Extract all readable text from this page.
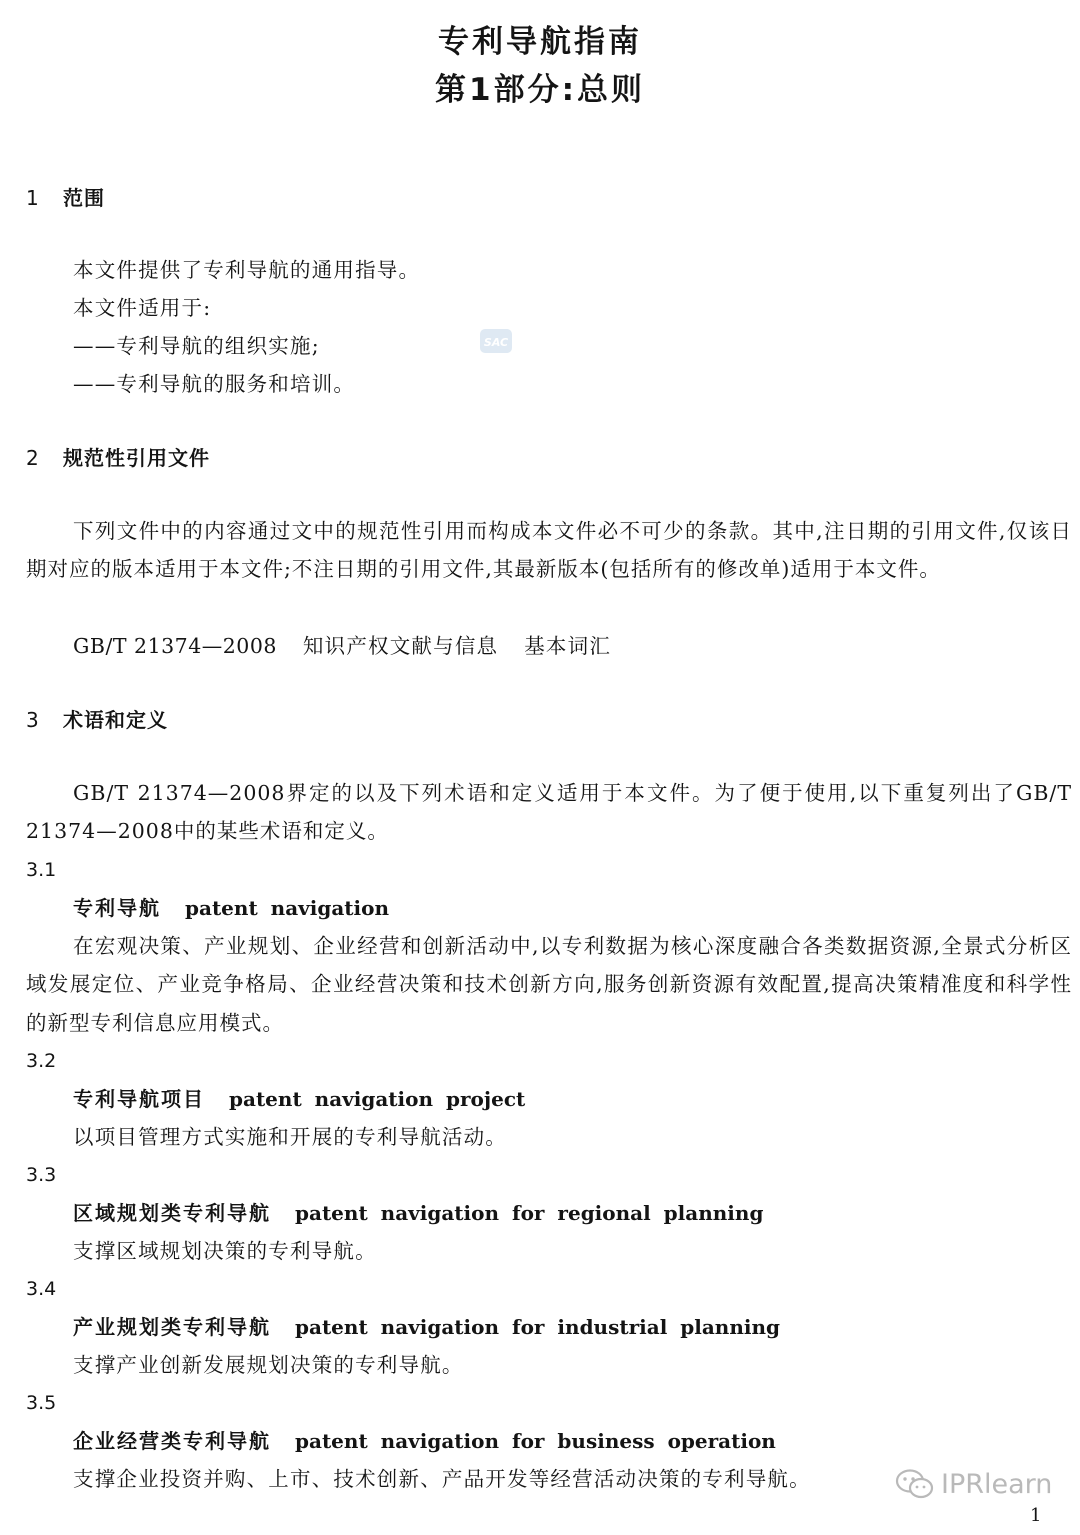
专利导航指南
第1部分:总则
1 范围
本文件提供了专利导航的通用指导。
本文件适用于:
——专利导航的组织实施;
——专利导航的服务和培训。
SAC
2 规范性引用文件

下列文件中的内容通过文中的规范性引用而构成本文件必不可少的条款。其中,注日期的引用文件,仅该日期对应的版本适用于本文件;不注日期的引用文件,其最新版本(包括所有的修改单)适用于本文件。

GB/T 21374—2008 知识产权文献与信息 基本词汇
3 术语和定义

GB/T 21374—2008界定的以及下列术语和定义适用于本文件。为了便于使用,以下重复列出了GB/T 21374—2008中的某些术语和定义。

3.1
专利导航 patent navigation

在宏观决策、产业规划、企业经营和创新活动中,以专利数据为核心深度融合各类数据资源,全景式分析区域发展定位、产业竞争格局、企业经营决策和技术创新方向,服务创新资源有效配置,提高决策精准度和科学性的新型专利信息应用模式。

3.2
专利导航项目 patent navigation project
以项目管理方式实施和开展的专利导航活动。
3.3
区域规划类专利导航 patent navigation for regional planning
支撑区域规划决策的专利导航。
3.4
产业规划类专利导航 patent navigation for industrial planning
支撑产业创新发展规划决策的专利导航。
3.5
企业经营类专利导航 patent navigation for business operation
支撑企业投资并购、上市、技术创新、产品开发等经营活动决策的专利导航。	IPRlearn
1
